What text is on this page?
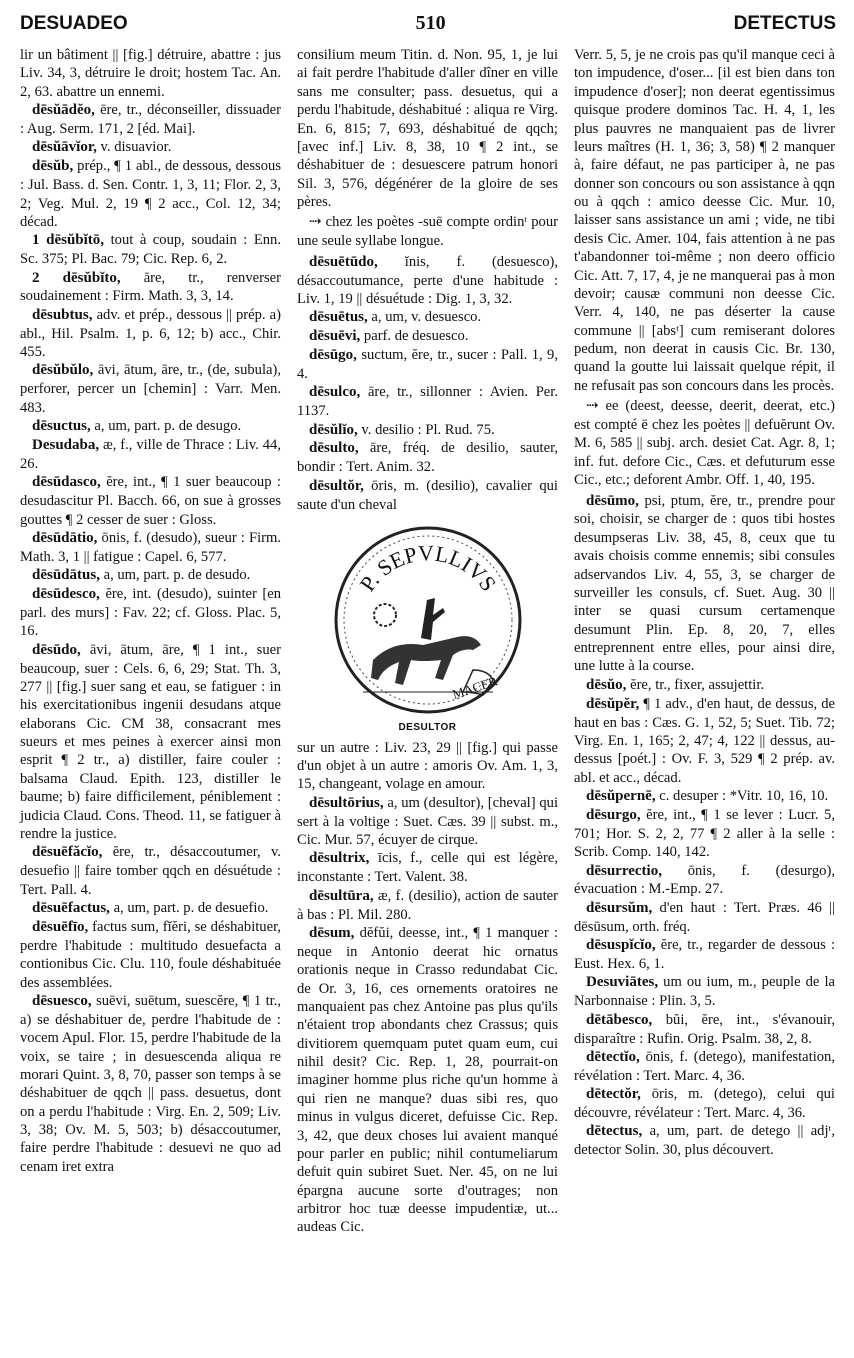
DESUADEO	510	DETECTUS

lir un bâtiment || [fig.] détruire, abattre : jus Liv. 34, 3, détruire le droit; hostem Tac. An. 2, 63. abattre un ennemi.

dēsŭādĕo, ēre, tr., déconseiller, dissuader : Aug. Serm. 171, 2 [éd. Mai].

dēsŭāvĭor, v. disuavior.

dēsŭb, prép., ¶ 1 abl., de dessous, dessous : Jul. Bass. d. Sen. Contr. 1, 3, 11; Flor. 2, 3, 2; Veg. Mul. 2, 19 ¶ 2 acc., Col. 12, 34; décad.

1 dēsŭbĭtō, tout à coup, soudain : Enn. Sc. 375; Pl. Bac. 79; Cic. Rep. 6, 2.

2 dēsŭbĭto, āre, tr., renverser soudainement : Firm. Math. 3, 3, 14.

dēsubtus, adv. et prép., dessous || prép. a) abl., Hil. Psalm. 1, p. 6, 12; b) acc., Chir. 455.

dēsŭbŭlo, āvi, ātum, āre, tr., (de, subula), perforer, percer un [chemin] : Varr. Men. 483.

dēsuctus, a, um, part. p. de desugo.

Desudaba, æ, f., ville de Thrace : Liv. 44, 26.

dēsūdasco, ĕre, int., ¶ 1 suer beaucoup : desudascitur Pl. Bacch. 66, on sue à grosses gouttes ¶ 2 cesser de suer : Gloss.

dēsūdātio, ōnis, f. (desudo), sueur : Firm. Math. 3, 1 || fatigue : Capel. 6, 577.

dēsūdātus, a, um, part. p. de desudo.

dēsūdesco, ĕre, int. (desudo), suinter [en parl. des murs] : Fav. 22; cf. Gloss. Plac. 5, 16.

dēsūdo, āvi, ātum, āre, ¶ 1 int., suer beaucoup, suer : Cels. 6, 6, 29; Stat. Th. 3, 277 || [fig.] suer sang et eau, se fatiguer : in his exercitationibus ingenii desudans atque elaborans Cic. CM 38, consacrant mes sueurs et mes peines à exercer ainsi mon esprit ¶ 2 tr., a) distiller, faire couler : balsama Claud. Epith. 123, distiller le baume; b) faire difficilement, péniblement : judicia Claud. Cons. Theod. 11, se fatiguer à rendre la justice.

dēsuēfăcĭo, ĕre, tr., désaccoutumer, v. desuefio || faire tomber qqch en désuétude : Tert. Pall. 4.

dēsuēfactus, a, um, part. p. de desuefio.

dēsuēfīo, factus sum, fĭĕri, se déshabituer, perdre l'habitude : multitudo desuefacta a contionibus Cic. Clu. 110, foule déshabituée des assemblées.

dēsuesco, suēvi, suētum, suescĕre, ¶ 1 tr., a) se déshabituer de, perdre l'habitude de : vocem Apul. Flor. 15, perdre l'habitude de la voix, se taire ; in desuescenda aliqua re morari Quint. 3, 8, 70, passer son temps à se déshabituer de qqch || pass. desuetus, dont on a perdu l'habitude : Virg. En. 2, 509; Liv. 3, 38; Ov. M. 5, 503; b) désaccoutumer, faire perdre l'habitude : desuevi ne quo ad cenam iret extra

consilium meum Titin. d. Non. 95, 1, je lui ai fait perdre l'habitude d'aller dîner en ville sans me consulter; pass. desuetus, qui a perdu l'habitude, déshabitué : aliqua re Virg. En. 6, 815; 7, 693, déshabitué de qqch; [avec inf.] Liv. 8, 38, 10 ¶ 2 int., se déshabituer de : desuescere patrum honori Sil. 3, 576, dégénérer de la gloire de ses pères.

⇢ chez les poètes -suē compte ordinᵗ pour une seule syllabe longue.

dēsuētūdo, ĭnis, f. (desuesco), désaccoutumance, perte d'une habitude : Liv. 1, 19 || désuétude : Dig. 1, 3, 32.

dēsuētus, a, um, v. desuesco.

dēsuēvi, parf. de desuesco.

dēsūgo, suctum, ĕre, tr., sucer : Pall. 1, 9, 4.

dēsulco, āre, tr., sillonner : Avien. Per. 1137.

dēsŭlĭo, v. desilio : Pl. Rud. 75.

dēsulto, āre, fréq. de desilio, sauter, bondir : Tert. Anim. 32.

dēsultŏr, ōris, m. (desilio), cavalier qui saute d'un cheval

P. SEPVLLIVS
MACER
DESULTOR

sur un autre : Liv. 23, 29 || [fig.] qui passe d'un objet à un autre : amoris Ov. Am. 1, 3, 15, changeant, volage en amour.

dēsultōrius, a, um (desultor), [cheval] qui sert à la voltige : Suet. Cæs. 39 || subst. m., Cic. Mur. 57, écuyer de cirque.

dēsultrix, īcis, f., celle qui est légère, inconstante : Tert. Valent. 38.

dēsultūra, æ, f. (desilio), action de sauter à bas : Pl. Mil. 280.

dēsum, dĕfŭi, deesse, int., ¶ 1 manquer : neque in Antonio deerat hic ornatus orationis neque in Crasso redundabat Cic. de Or. 3, 16, ces ornements oratoires ne manquaient pas chez Antoine pas plus qu'ils n'étaient trop abondants chez Crassus; quis divitiorem quemquam putet quam eum, cui nihil desit? Cic. Rep. 1, 28, pourrait-on imaginer homme plus riche qu'un homme à qui rien ne manque? duas sibi res, quo minus in vulgus diceret, defuisse Cic. Rep. 3, 42, que deux choses lui avaient manqué pour parler en public; nihil contumeliarum defuit quin subiret Suet. Ner. 45, on ne lui épargna aucune sorte d'outrages; non arbitror hoc tuæ deesse impudentiæ, ut... audeas Cic.

Verr. 5, 5, je ne crois pas qu'il manque ceci à ton impudence, d'oser... [il est bien dans ton impudence d'oser]; non deerat egentissimus quisque prodere dominos Tac. H. 4, 1, les plus pauvres ne manquaient pas de livrer leurs maîtres (H. 1, 36; 3, 58) ¶ 2 manquer à, faire défaut, ne pas participer à, ne pas donner son concours ou son assistance à qqn ou à qqch : amico deesse Cic. Mur. 10, laisser sans assistance un ami ; vide, ne tibi desis Cic. Amer. 104, fais attention à ne pas t'abandonner toi-même ; non deero officio Cic. Att. 7, 17, 4, je ne manquerai pas à mon devoir; causæ communi non deesse Cic. Verr. 4, 140, ne pas déserter la cause commune || [absᵗ] cum remiserant dolores pedum, non deerat in causis Cic. Br. 130, quand la goutte lui laissait quelque répit, il ne refusait pas son concours dans les procès.

⇢ ee (deest, deesse, deerit, deerat, etc.) est compté ē chez les poètes || defuĕrunt Ov. M. 6, 585 || subj. arch. desiet Cat. Agr. 8, 1; inf. fut. defore Cic., Cæs. et defuturum esse Cic., etc.; deforent Ambr. Off. 1, 40, 195.

dēsūmo, psi, ptum, ĕre, tr., prendre pour soi, choisir, se charger de : quos tibi hostes desumpseras Liv. 38, 45, 8, ceux que tu avais choisis comme ennemis; sibi consules adservandos Liv. 4, 55, 3, se charger de surveiller les consuls, cf. Suet. Aug. 30 || inter se quasi cursum certamenque desumunt Plin. Ep. 8, 20, 7, elles entreprennent entre elles, pour ainsi dire, une lutte à la course.

dēsŭo, ĕre, tr., fixer, assujettir.

dēsŭpĕr, ¶ 1 adv., d'en haut, de dessus, de haut en bas : Cæs. G. 1, 52, 5; Suet. Tib. 72; Virg. En. 1, 165; 2, 47; 4, 122 || dessus, au-dessus [poét.] : Ov. F. 3, 529 ¶ 2 prép. av. abl. et acc., décad.

dēsŭpernē, c. desuper : *Vitr. 10, 16, 10.

dēsurgo, ĕre, int., ¶ 1 se lever : Lucr. 5, 701; Hor. S. 2, 2, 77 ¶ 2 aller à la selle : Scrib. Comp. 140, 142.

dēsurrectio, ōnis, f. (desurgo), évacuation : M.-Emp. 27.

dēsursŭm, d'en haut : Tert. Præs. 46 || dēsūsum, orth. fréq.

dēsuspĭcĭo, ĕre, tr., regarder de dessous : Eust. Hex. 6, 1.

Desuviātes, um ou ium, m., peuple de la Narbonnaise : Plin. 3, 5.

dētābesco, bŭi, ĕre, int., s'évanouir, disparaître : Rufin. Orig. Psalm. 38, 2, 8.

dētectĭo, ōnis, f. (detego), manifestation, révélation : Tert. Marc. 4, 36.

dētectŏr, ōris, m. (detego), celui qui découvre, révélateur : Tert. Marc. 4, 36.

dētectus, a, um, part. de detego || adjᵗ, detector Solin. 30, plus découvert.
